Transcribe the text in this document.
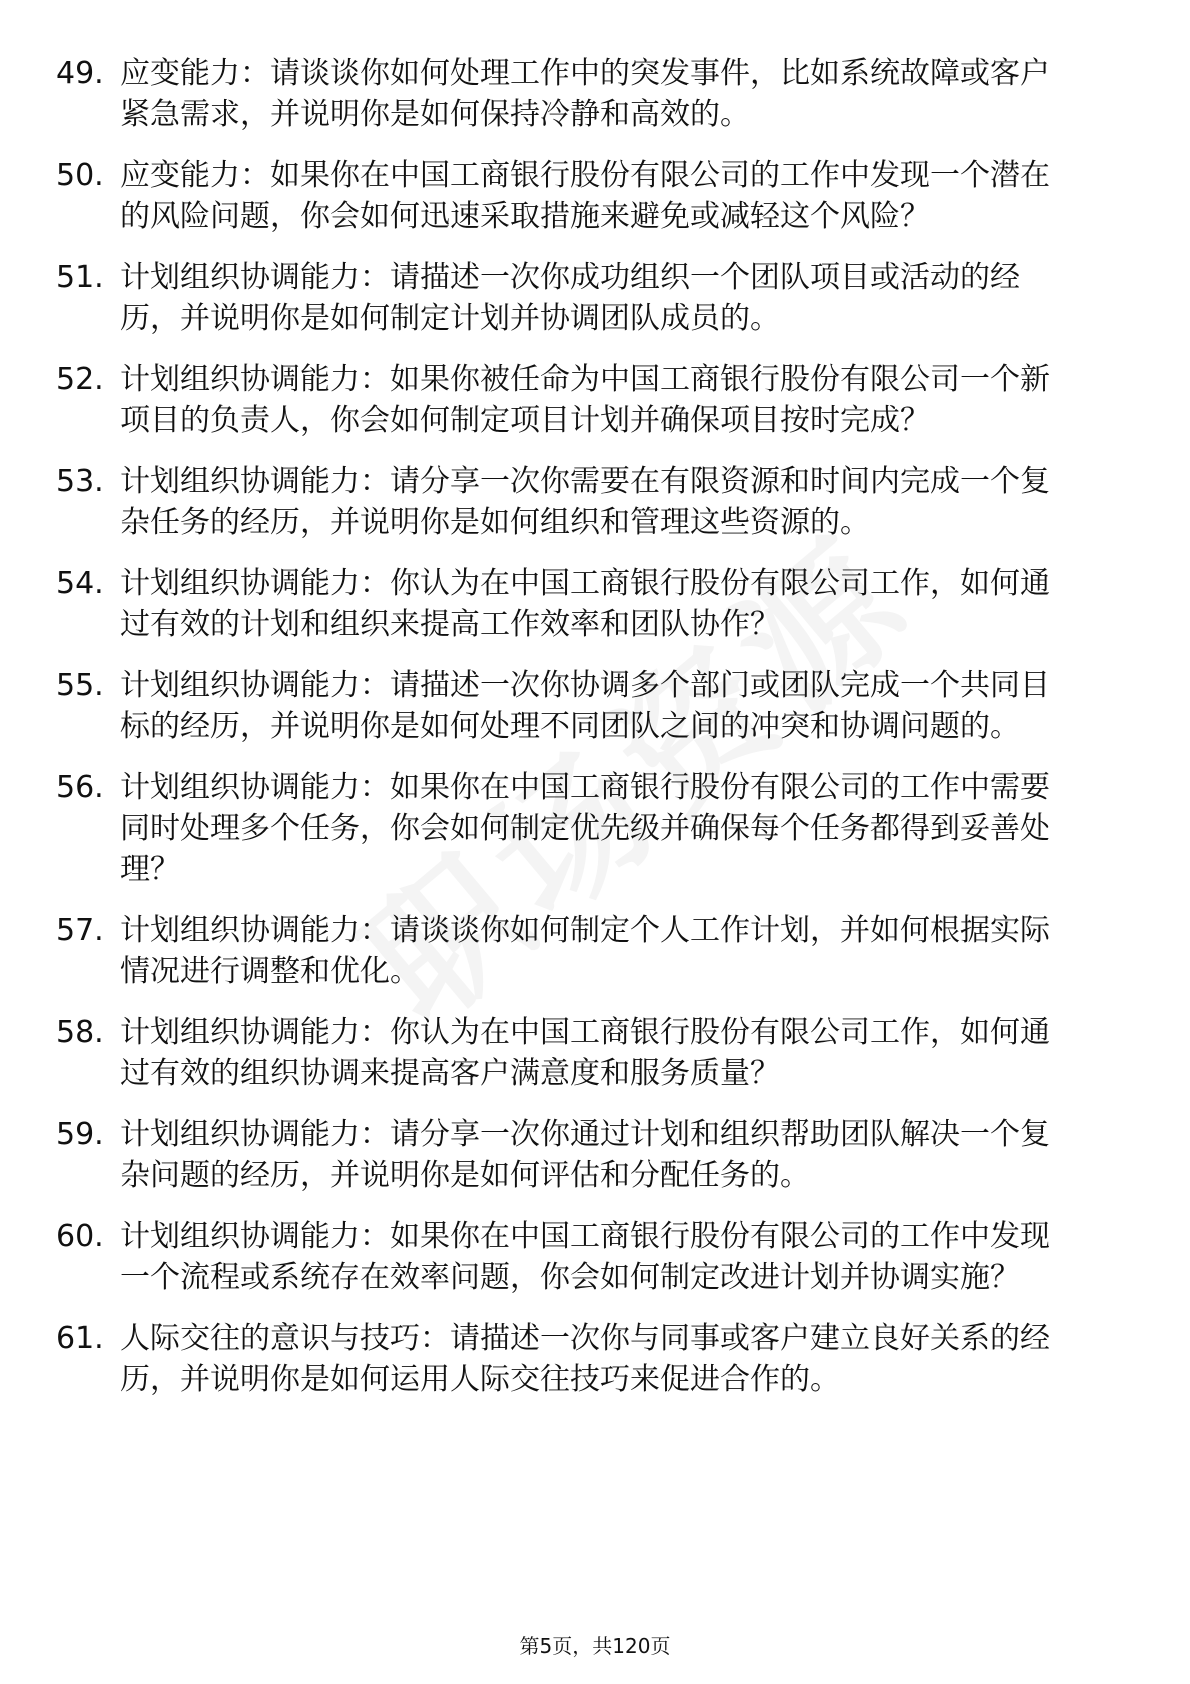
49. 应变能力：请谈谈你如何处理工作中的突发事件，比如系统故障或客户紧急需求，并说明你是如何保持冷静和高效的。
50. 应变能力：如果你在中国工商银行股份有限公司的工作中发现一个潜在的风险问题，你会如何迅速采取措施来避免或减轻这个风险？
51. 计划组织协调能力：请描述一次你成功组织一个团队项目或活动的经历，并说明你是如何制定计划并协调团队成员的。
52. 计划组织协调能力：如果你被任命为中国工商银行股份有限公司一个新项目的负责人，你会如何制定项目计划并确保项目按时完成？
53. 计划组织协调能力：请分享一次你需要在有限资源和时间内完成一个复杂任务的经历，并说明你是如何组织和管理这些资源的。
54. 计划组织协调能力：你认为在中国工商银行股份有限公司工作，如何通过有效的计划和组织来提高工作效率和团队协作？
55. 计划组织协调能力：请描述一次你协调多个部门或团队完成一个共同目标的经历，并说明你是如何处理不同团队之间的冲突和协调问题的。
56. 计划组织协调能力：如果你在中国工商银行股份有限公司的工作中需要同时处理多个任务，你会如何制定优先级并确保每个任务都得到妥善处理？
57. 计划组织协调能力：请谈谈你如何制定个人工作计划，并如何根据实际情况进行调整和优化。
58. 计划组织协调能力：你认为在中国工商银行股份有限公司工作，如何通过有效的组织协调来提高客户满意度和服务质量？
59. 计划组织协调能力：请分享一次你通过计划和组织帮助团队解决一个复杂问题的经历，并说明你是如何评估和分配任务的。
60. 计划组织协调能力：如果你在中国工商银行股份有限公司的工作中发现一个流程或系统存在效率问题，你会如何制定改进计划并协调实施？
61. 人际交往的意识与技巧：请描述一次你与同事或客户建立良好关系的经历，并说明你是如何运用人际交往技巧来促进合作的。
第5页，共120页
